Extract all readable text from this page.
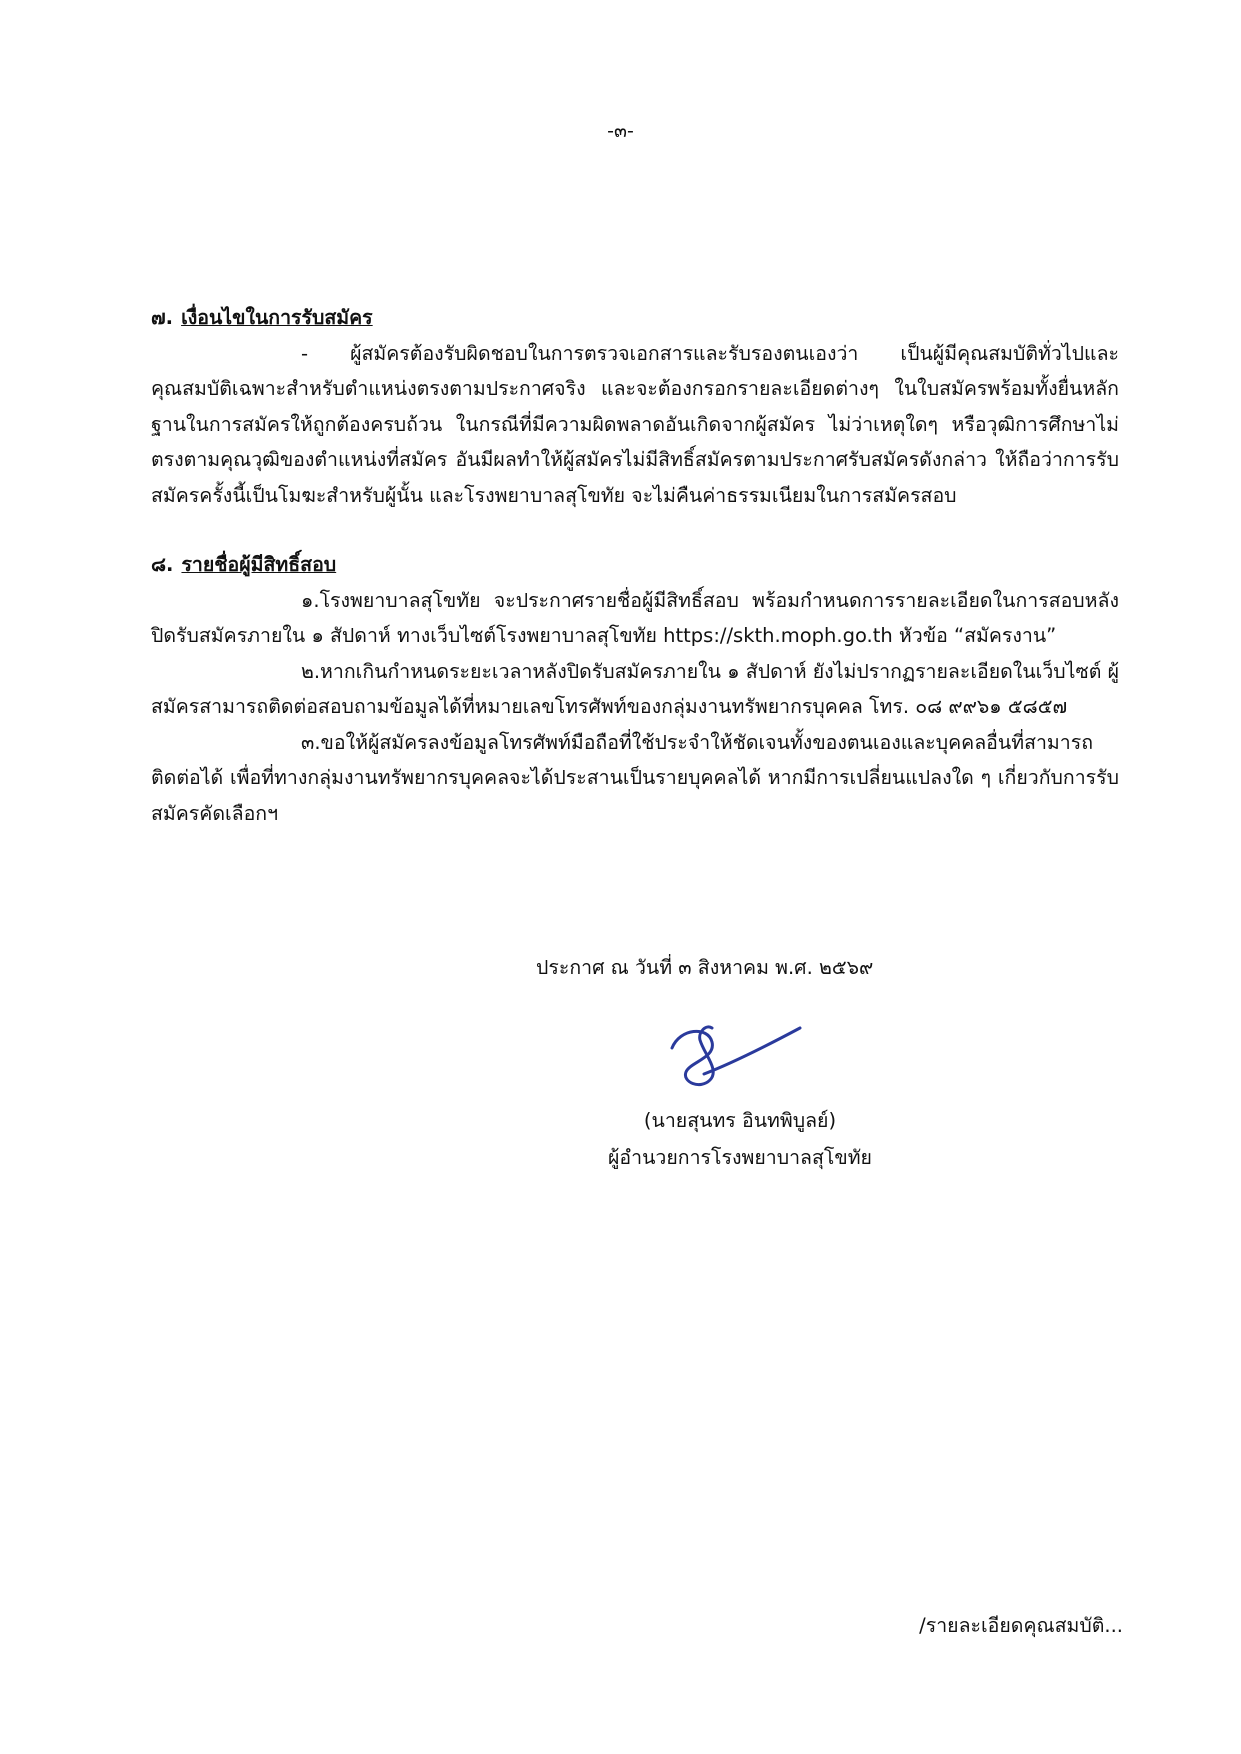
-๓-

๗. เงื่อนไขในการรับสมัคร

- ผู้สมัครต้องรับผิดชอบในการตรวจเอกสารและรับรองตนเองว่า เป็นผู้มีคุณสมบัติทั่วไปและคุณสมบัติเฉพาะสำหรับตำแหน่งตรงตามประกาศจริง และจะต้องกรอกรายละเอียดต่างๆ ในใบสมัครพร้อมทั้งยื่นหลักฐานในการสมัครให้ถูกต้องครบถ้วน ในกรณีที่มีความผิดพลาดอันเกิดจากผู้สมัคร ไม่ว่าเหตุใดๆ หรือวุฒิการศึกษาไม่ตรงตามคุณวุฒิของตำแหน่งที่สมัคร อันมีผลทำให้ผู้สมัครไม่มีสิทธิ์สมัครตามประกาศรับสมัครดังกล่าว ให้ถือว่าการรับสมัครครั้งนี้เป็นโมฆะสำหรับผู้นั้น และโรงพยาบาลสุโขทัย จะไม่คืนค่าธรรมเนียมในการสมัครสอบ

๘. รายชื่อผู้มีสิทธิ์สอบ

๑.โรงพยาบาลสุโขทัย จะประกาศรายชื่อผู้มีสิทธิ์สอบ พร้อมกำหนดการรายละเอียดในการสอบหลังปิดรับสมัครภายใน ๑ สัปดาห์ ทางเว็บไซต์โรงพยาบาลสุโขทัย https://skth.moph.go.th หัวข้อ “สมัครงาน”

๒.หากเกินกำหนดระยะเวลาหลังปิดรับสมัครภายใน ๑ สัปดาห์ ยังไม่ปรากฏรายละเอียดในเว็บไซต์ ผู้สมัครสามารถติดต่อสอบถามข้อมูลได้ที่หมายเลขโทรศัพท์ของกลุ่มงานทรัพยากรบุคคล โทร. ๐๘ ๙๙๖๑ ๕๘๕๗

๓.ขอให้ผู้สมัครลงข้อมูลโทรศัพท์มือถือที่ใช้ประจำให้ชัดเจนทั้งของตนเองและบุคคลอื่นที่สามารถติดต่อได้ เพื่อที่ทางกลุ่มงานทรัพยากรบุคคลจะได้ประสานเป็นรายบุคคลได้ หากมีการเปลี่ยนแปลงใด ๆ เกี่ยวกับการรับสมัครคัดเลือกฯ

ประกาศ ณ วันที่ ๓ สิงหาคม พ.ศ. ๒๕๖๙
(นายสุนทร อินทพิบูลย์)
ผู้อำนวยการโรงพยาบาลสุโขทัย
/รายละเอียดคุณสมบัติ...
